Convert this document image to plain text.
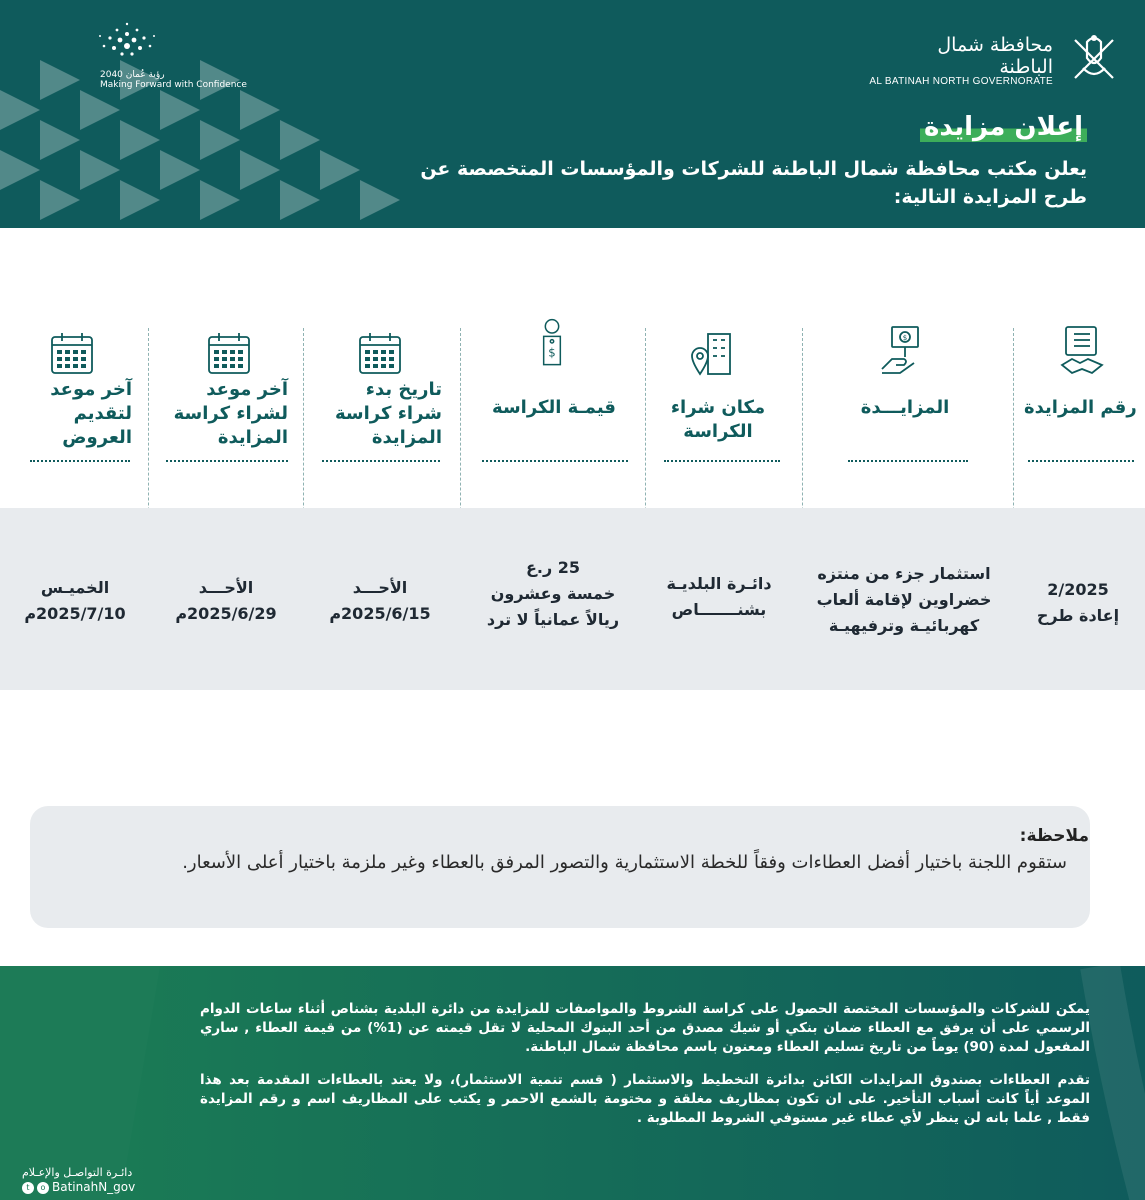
رؤية عُمان 2040
Making Forward with Confidence
محافظة شمال الباطنة
AL BATINAH NORTH GOVERNORATE
إعلان مزايدة
يعلن مكتب محافظة شمال الباطنة للشركات والمؤسسات المتخصصة عن طرح المزايدة التالية:
رقم المزايدة
2/2025
إعادة طرح
$
المزايـــدة
استثمار جزء من منتزه خضراوين لإقامة ألعاب كهربائيـة وترفيهيـة
مكان شراء الكراسة
دائـرة البلديـة
بشنـــــــاص
$
قيمـة الكراسة
25 ر.ع
خمسة وعشرون
ريالاً عمانياً لا ترد
تاريخ بدء شراء كراسة المزايدة
الأحـــد
2025/6/15م
آخر موعد لشراء كراسة المزايدة
الأحـــد
2025/6/29م
آخر موعد لتقديم العروض
الخميـس
2025/7/10م
ملاحظة:
ستقوم اللجنة باختيار أفضل العطاءات وفقاً للخطة الاستثمارية والتصور المرفق بالعطاء وغير ملزمة باختيار أعلى الأسعار.

يمكن للشركات والمؤسسات المختصة الحصول على كراسة الشروط والمواصفات للمزايدة من دائرة البلدية بشناص أثناء ساعات الدوام الرسمي على أن يرفق مع العطاء ضمان بنكي أو شيك مصدق من أحد البنوك المحلية لا تقل قيمته عن (1%) من قيمة العطاء , ساري المفعول لمدة (90) يوماً من تاريخ تسليم العطاء ومعنون باسم محافظة شمال الباطنة.

تقدم العطاءات بصندوق المزايدات الكائن بدائرة التخطيط والاستثمار ( قسم تنمية الاستثمار)، ولا يعتد بالعطاءات المقدمة بعد هذا الموعد أياً كانت أسباب التأخير. على ان تكون بمظاريف مغلقة و مختومة بالشمع الاحمر و يكتب على المظاريف اسم و رقم المزايدة فقط , علما بانه لن ينظر لأي عطاء غير مستوفي الشروط المطلوبة .

دائـرة التواصـل والإعـلام
t o BatinahN_gov
